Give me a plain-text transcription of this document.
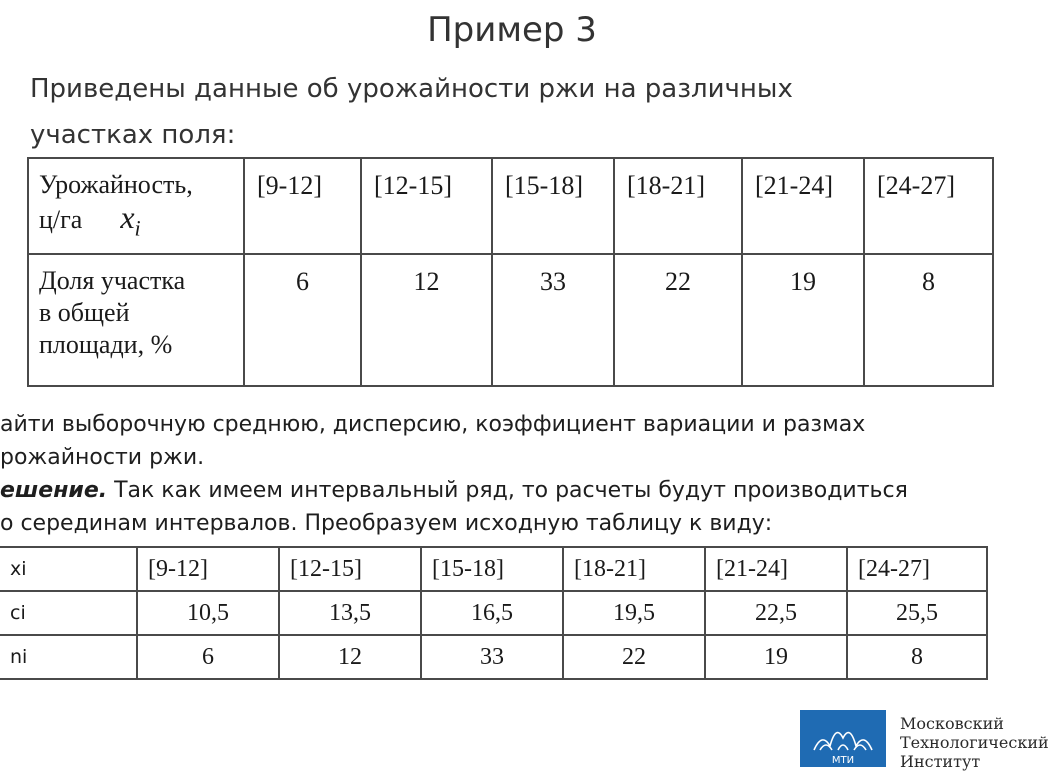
Пример 3
Приведены данные об урожайности ржи на различных
участках поля:
Урожайность,
ц/га $x_i$	[9-12]	[12-15]	[15-18]	[18-21]	[21-24]	[24-27]

Доля участка
в общей
площади, %	6	12	33	22	19	8
айти выборочную среднюю, дисперсию, коэффициент вариации и размах
рожайности ржи.
ешение. Так как имеем интервальный ряд, то расчеты будут производиться
о серединам интервалов. Преобразуем исходную таблицу к виду:
xi	[9-12]	[12-15]	[15-18]	[18-21]	[21-24]	[24-27]
ci	10,5	13,5	16,5	19,5	22,5	25,5
ni	6	12	33	22	19	8
МТИ
Московский
Технологический
Институт
